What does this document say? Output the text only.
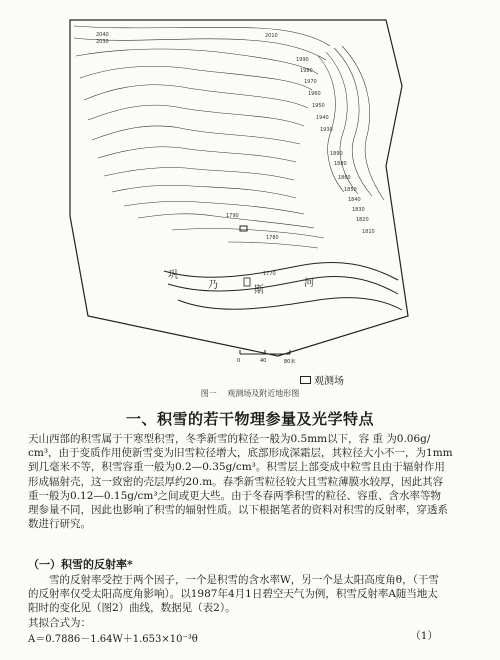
2040
2030
2010
1990
1980
1970
1960
1950
1940
1930
1890
1880
1860
1850
1840
1830
1820
1810
1790
1780
1770
巩
乃	斯
河
0	40	80米
观测场
图一 观测场及附近地形图
一、积雪的若干物理参量及光学特点
天山西部的积雪属于干寒型积雪，冬季新雪的粒径一般为0.5mm以下，容 重 为0.06g/
cm³，由于变质作用使新雪变为旧雪粒径增大，底部形成深霜层，其粒径大小不一，为1mm
到几毫米不等，积雪容重一般为0.2—0.35g/cm³。积雪层上部变成中粒雪且由于辐射作用
形成辐射壳，这一致密的壳层厚约20.m。春季新雪粒径较大且雪粒薄膜水较厚，因此其容
重一般为0.12—0.15g/cm³之间或更大些。由于冬春两季积雪的粒径、容重、含水率等物
理参量不同，因此也影响了积雪的辐射性质。以下根据笔者的资料对积雪的反射率，穿透系
数进行研究。
（一）积雪的反射率*
雪的反射率受控于两个因子，一个是积雪的含水率W，另一个是太阳高度角θ，（干雪
的反射率仅受太阳高度角影响）。以1987年4月1日碧空天气为例，积雪反射率A随当地太
阳时的变化见（图2）曲线，数据见（表2）。
其拟合式为：
A＝0.7886－1.64W＋1.653×10⁻³θ	（1）
